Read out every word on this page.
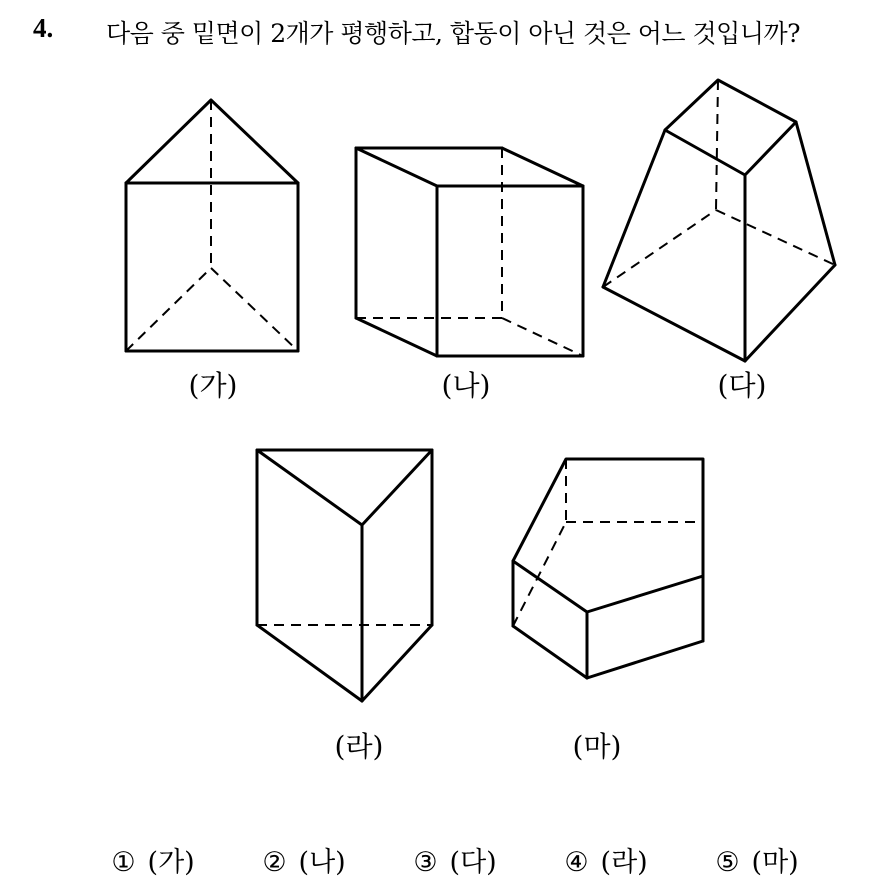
4. 다음 중 밑면이 2개가 평행하고, 합동이 아닌 것은 어느 것입니까?
(가)	(나)	(다)
(라)	(마)
① (가)	② (나)	③ (다)	④ (라)	⑤ (마)
